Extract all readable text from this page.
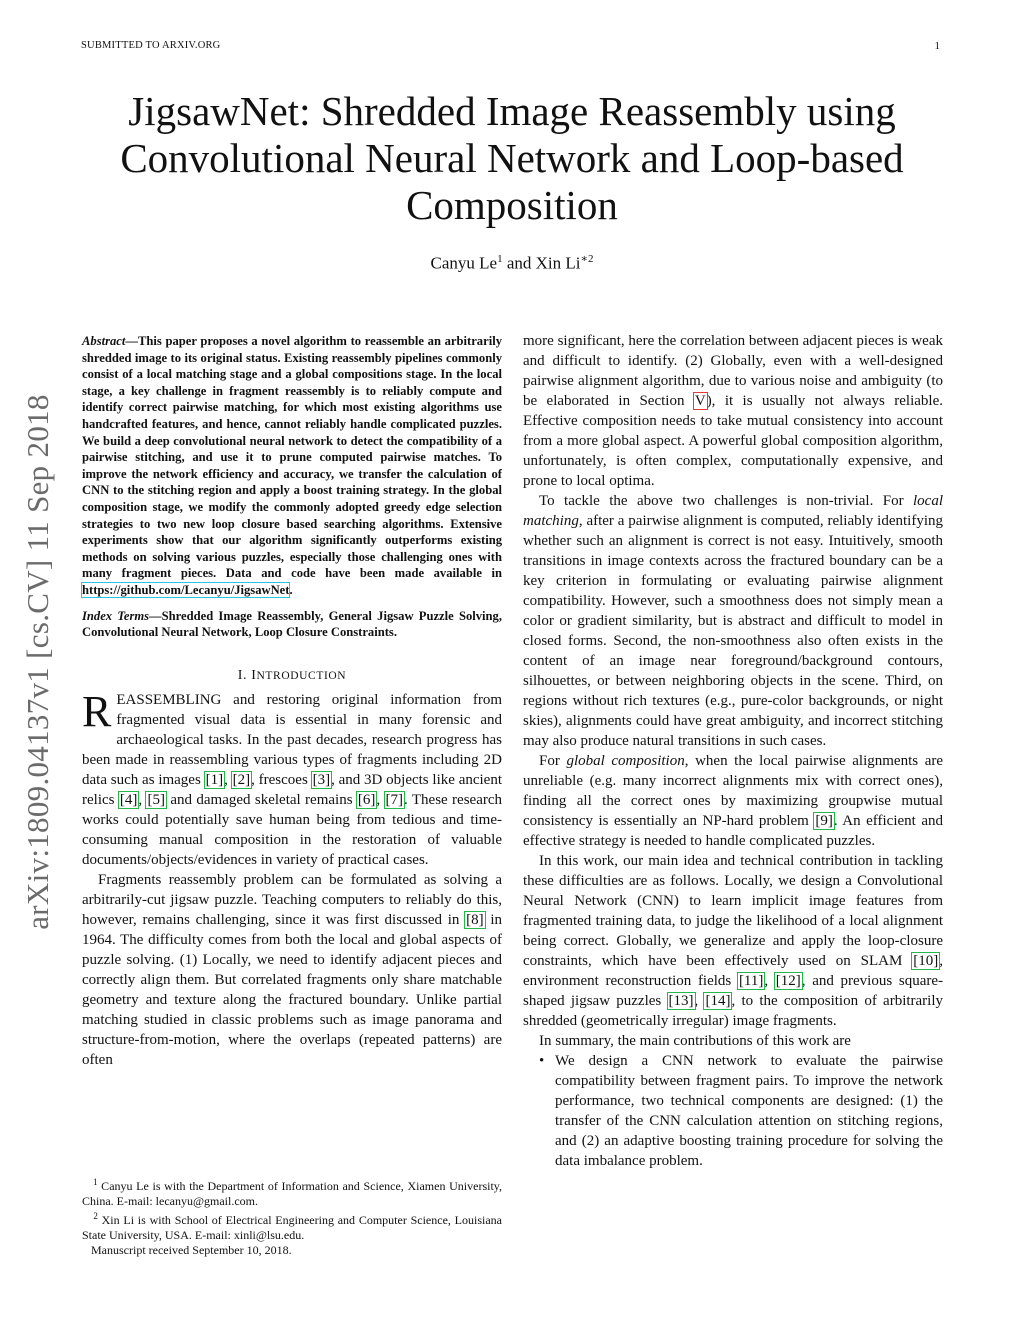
SUBMITTED TO ARXIV.ORG	1
JigsawNet: Shredded Image Reassembly using Convolutional Neural Network and Loop-based Composition
Canyu Le$^1$ and Xin $Li^{∗2}$
arXiv:1809.04137v1 [cs.CV] 11 Sep 2018

Abstract—This paper proposes a novel algorithm to reassemble an arbitrarily shredded image to its original status. Existing reassembly pipelines commonly consist of a local matching stage and a global compositions stage. In the local stage, a key challenge in fragment reassembly is to reliably compute and identify correct pairwise matching, for which most existing algorithms use handcrafted features, and hence, cannot reliably handle complicated puzzles. We build a deep convolutional neural network to detect the compatibility of a pairwise stitching, and use it to prune computed pairwise matches. To improve the network efficiency and accuracy, we transfer the calculation of CNN to the stitching region and apply a boost training strategy. In the global composition stage, we modify the commonly adopted greedy edge selection strategies to two new loop closure based searching algorithms. Extensive experiments show that our algorithm significantly outperforms existing methods on solving various puzzles, especially those challenging ones with many fragment pieces. Data and code have been made available in https://github.com/Lecanyu/JigsawNet.

Index Terms—Shredded Image Reassembly, General Jigsaw Puzzle Solving, Convolutional Neural Network, Loop Closure Constraints.

I. INTRODUCTION

REASSEMBLING and restoring original information from fragmented visual data is essential in many forensic and archaeological tasks. In the past decades, research progress has been made in reassembling various types of fragments including 2D data such as images [1], [2], frescoes [3], and 3D objects like ancient relics [4], [5] and damaged skeletal remains [6], [7]. These research works could potentially save human being from tedious and time-consuming manual composition in the restoration of valuable documents/objects/evidences in variety of practical cases.

Fragments reassembly problem can be formulated as solving a arbitrarily-cut jigsaw puzzle. Teaching computers to reliably do this, however, remains challenging, since it was first discussed in [8] in 1964. The difficulty comes from both the local and global aspects of puzzle solving. (1) Locally, we need to identify adjacent pieces and correctly align them. But correlated fragments only share matchable geometry and texture along the fractured boundary. Unlike partial matching studied in classic problems such as image panorama and structure-from-motion, where the overlaps (repeated patterns) are often

$^1$ Canyu Le is with the Department of Information and Science, Xiamen University, China. E-mail: lecanyu@gmail.com.

$^2$ Xin Li is with School of Electrical Engineering and Computer Science, Louisiana State University, USA. E-mail: xinli@lsu.edu.

Manuscript received September 10, 2018.

more significant, here the correlation between adjacent pieces is weak and difficult to identify. (2) Globally, even with a well-designed pairwise alignment algorithm, due to various noise and ambiguity (to be elaborated in Section V), it is usually not always reliable. Effective composition needs to take mutual consistency into account from a more global aspect. A powerful global composition algorithm, unfortunately, is often complex, computationally expensive, and prone to local optima.

To tackle the above two challenges is non-trivial. For local matching, after a pairwise alignment is computed, reliably identifying whether such an alignment is correct is not easy. Intuitively, smooth transitions in image contexts across the fractured boundary can be a key criterion in formulating or evaluating pairwise alignment compatibility. However, such a smoothness does not simply mean a color or gradient similarity, but is abstract and difficult to model in closed forms. Second, the non-smoothness also often exists in the content of an image near foreground/background contours, silhouettes, or between neighboring objects in the scene. Third, on regions without rich textures (e.g., pure-color backgrounds, or night skies), alignments could have great ambiguity, and incorrect stitching may also produce natural transitions in such cases.

For global composition, when the local pairwise alignments are unreliable (e.g. many incorrect alignments mix with correct ones), finding all the correct ones by maximizing groupwise mutual consistency is essentially an NP-hard problem [9]. An efficient and effective strategy is needed to handle complicated puzzles.

In this work, our main idea and technical contribution in tackling these difficulties are as follows. Locally, we design a Convolutional Neural Network (CNN) to learn implicit image features from fragmented training data, to judge the likelihood of a local alignment being correct. Globally, we generalize and apply the loop-closure constraints, which have been effectively used on SLAM [10], environment reconstruction fields [11], [12], and previous square-shaped jigsaw puzzles [13], [14], to the composition of arbitrarily shredded (geometrically irregular) image fragments.

In summary, the main contributions of this work are

• We design a CNN network to evaluate the pairwise compatibility between fragment pairs. To improve the network performance, two technical components are designed: (1) the transfer of the CNN calculation attention on stitching regions, and (2) an adaptive boosting training procedure for solving the data imbalance problem.
